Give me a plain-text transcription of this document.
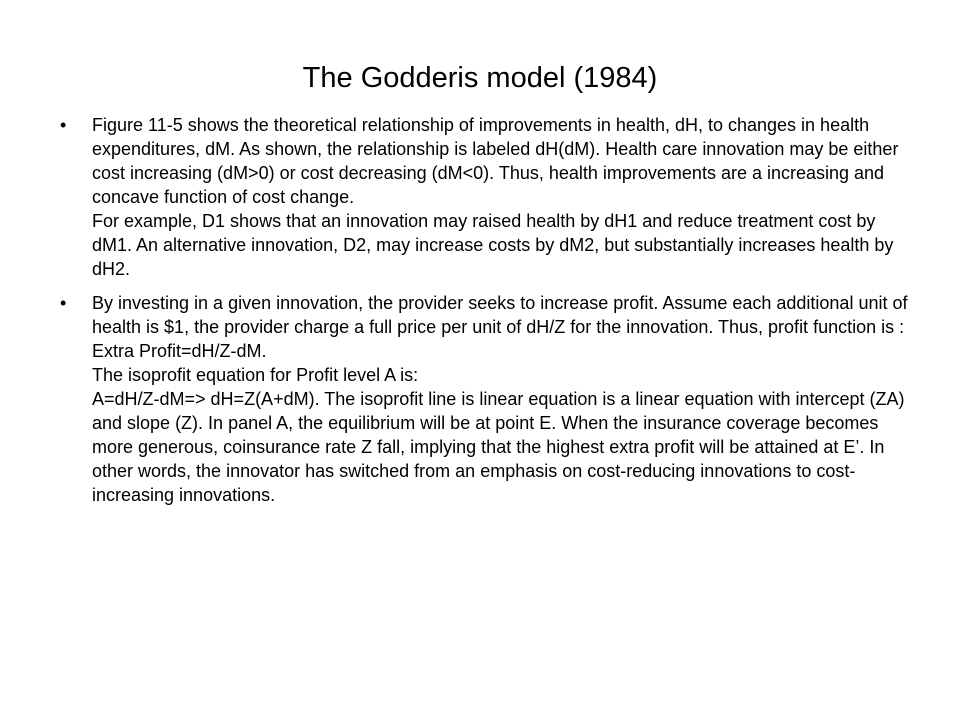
The Godderis model (1984)
•	Figure 11-5 shows the theoretical relationship of improvements in health, dH, to changes in health expenditures, dM. As shown, the relationship is labeled dH(dM). Health care innovation may be either cost increasing (dM>0) or cost decreasing (dM<0). Thus, health improvements are a increasing and concave function of cost change.
For example, D1 shows that an innovation may raised health by dH1 and reduce treatment cost by dM1. An alternative innovation, D2, may increase costs by dM2, but substantially increases health by dH2.
•	By investing in a given innovation, the provider seeks to increase profit. Assume each additional unit of health is $1, the provider charge a full price per unit of dH/Z for the innovation. Thus, profit function is : Extra Profit=dH/Z-dM.
The isoprofit equation for Profit level A is:
A=dH/Z-dM=> dH=Z(A+dM). The isoprofit line is linear equation is a linear equation with intercept (ZA) and slope (Z). In panel A, the equilibrium will be at point E. When the insurance coverage becomes more generous, coinsurance rate Z fall, implying that the highest extra profit will be attained at E’. In other words, the innovator has switched from an emphasis on cost-reducing innovations to cost-increasing innovations.
